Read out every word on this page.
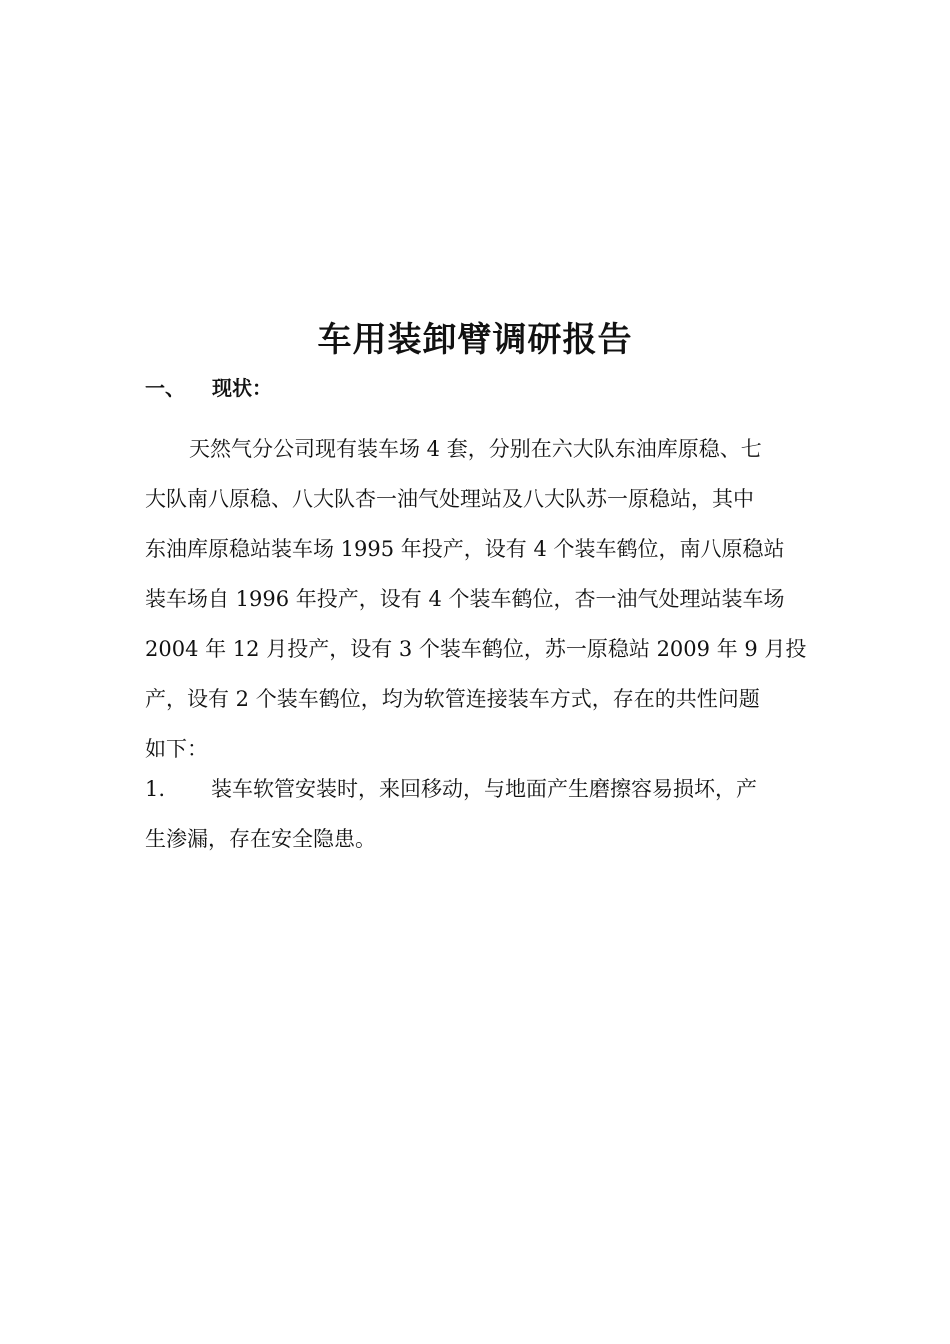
车用装卸臂调研报告
一、 现状：
天然气分公司现有装车场 4 套，分别在六大队东油库原稳、七
大队南八原稳、八大队杏一油气处理站及八大队苏一原稳站，其中
东油库原稳站装车场 1995 年投产，设有 4 个装车鹤位，南八原稳站
装车场自 1996 年投产，设有 4 个装车鹤位，杏一油气处理站装车场
2004 年 12 月投产，设有 3 个装车鹤位，苏一原稳站 2009 年 9 月投
产，设有 2 个装车鹤位，均为软管连接装车方式，存在的共性问题
如下：
1. 装车软管安装时，来回移动，与地面产生磨擦容易损坏，产
生渗漏，存在安全隐患。
